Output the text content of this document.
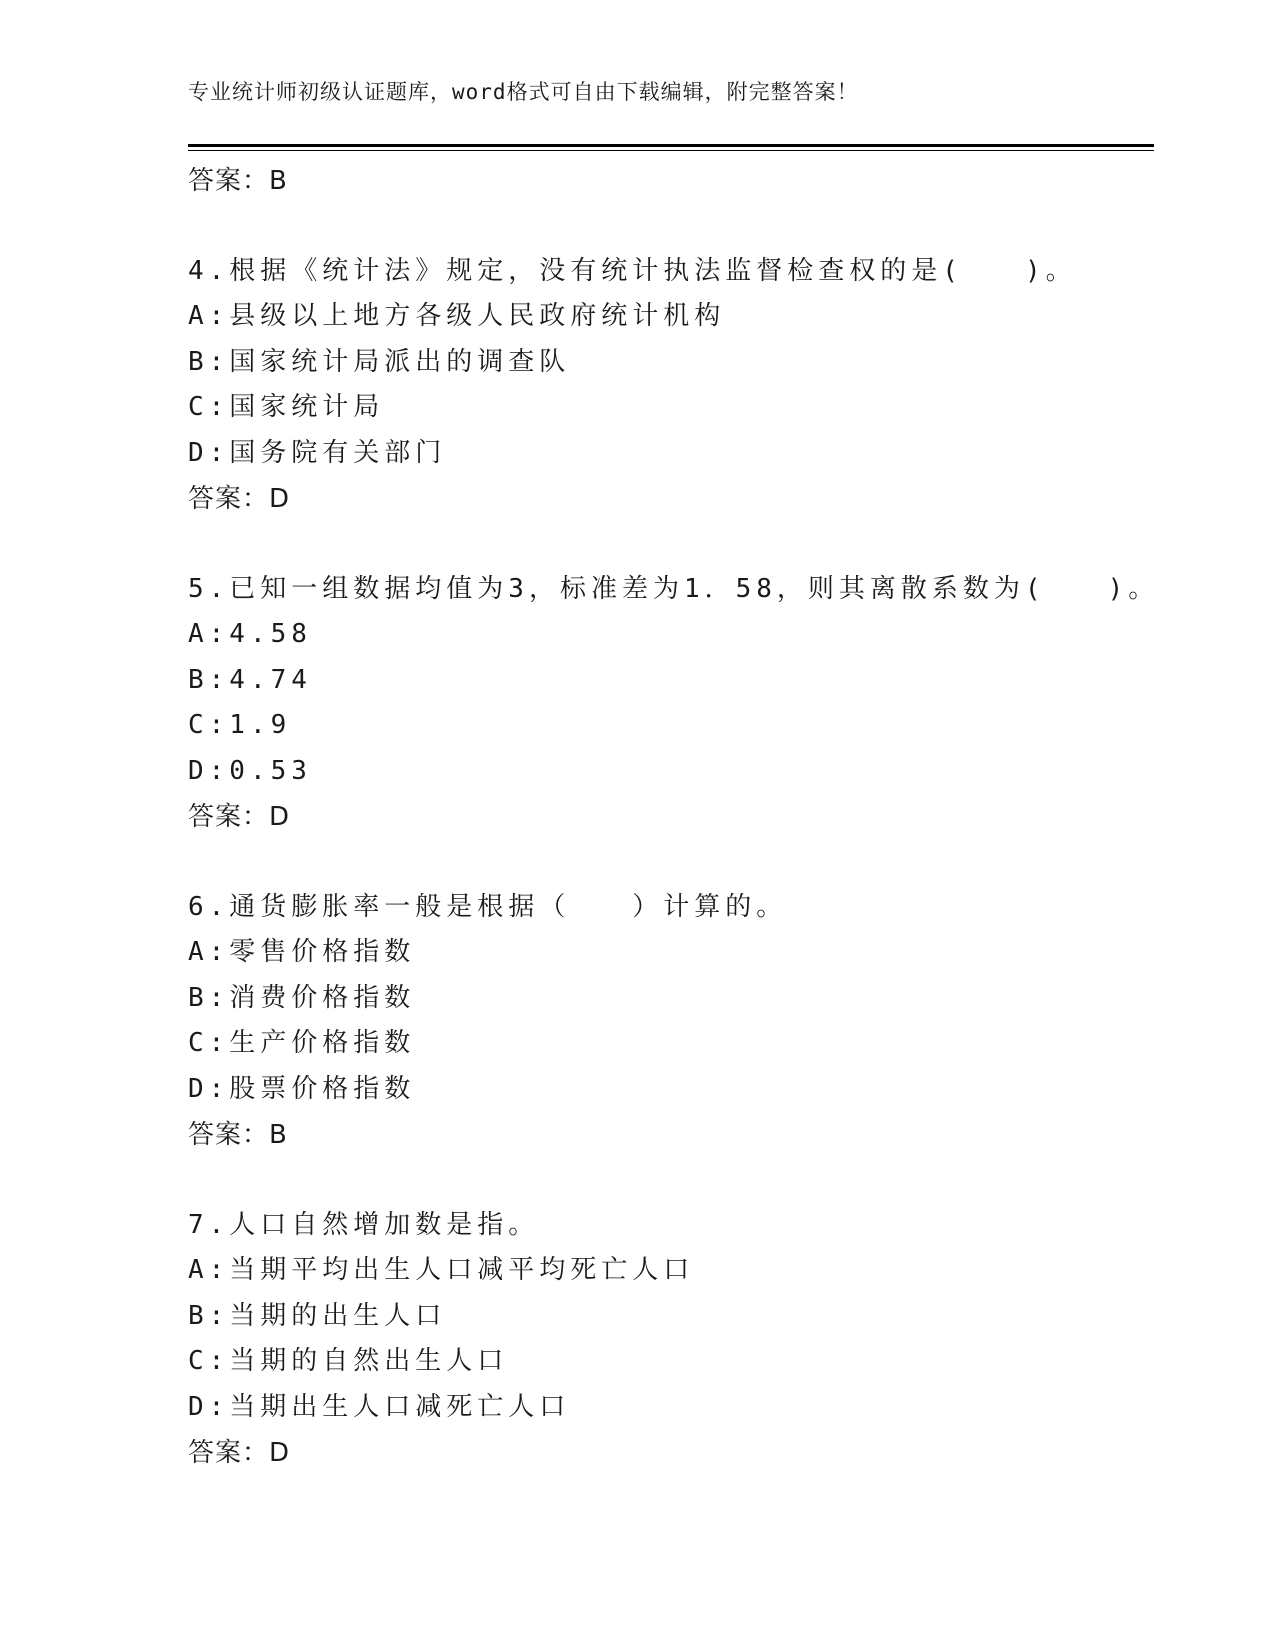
专业统计师初级认证题库，word格式可自由下载编辑，附完整答案！
答案：B
4.根据《统计法》规定，没有统计执法监督检查权的是(　　)。
A:县级以上地方各级人民政府统计机构
B:国家统计局派出的调查队
C:国家统计局
D:国务院有关部门
答案：D
5.已知一组数据均值为3，标准差为1．58，则其离散系数为(　　)。
A:4.58
B:4.74
C:1.9
D:0.53
答案：D
6.通货膨胀率一般是根据（　　）计算的。
A:零售价格指数
B:消费价格指数
C:生产价格指数
D:股票价格指数
答案：B
7.人口自然增加数是指。
A:当期平均出生人口减平均死亡人口
B:当期的出生人口
C:当期的自然出生人口
D:当期出生人口减死亡人口
答案：D
